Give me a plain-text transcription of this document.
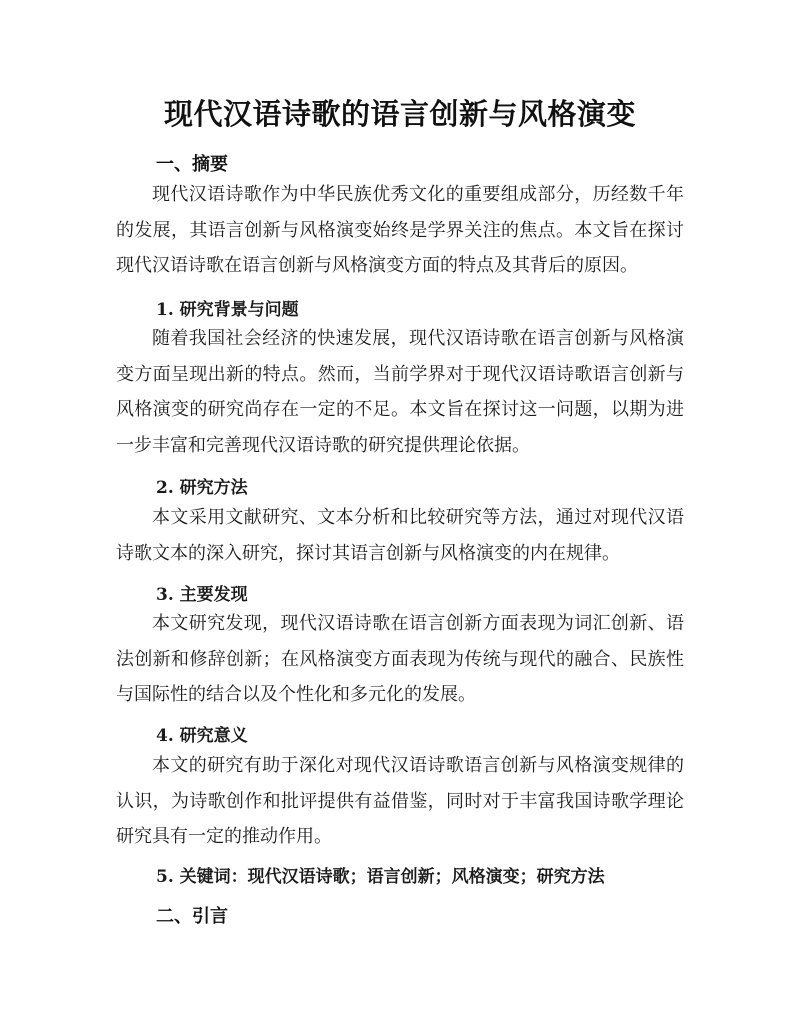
现代汉语诗歌的语言创新与风格演变
一、摘要

现代汉语诗歌作为中华民族优秀文化的重要组成部分，历经数千年的发展，其语言创新与风格演变始终是学界关注的焦点。本文旨在探讨现代汉语诗歌在语言创新与风格演变方面的特点及其背后的原因。

1. 研究背景与问题

随着我国社会经济的快速发展，现代汉语诗歌在语言创新与风格演变方面呈现出新的特点。然而，当前学界对于现代汉语诗歌语言创新与风格演变的研究尚存在一定的不足。本文旨在探讨这一问题，以期为进一步丰富和完善现代汉语诗歌的研究提供理论依据。

2. 研究方法

本文采用文献研究、文本分析和比较研究等方法，通过对现代汉语诗歌文本的深入研究，探讨其语言创新与风格演变的内在规律。

3. 主要发现

本文研究发现，现代汉语诗歌在语言创新方面表现为词汇创新、语法创新和修辞创新；在风格演变方面表现为传统与现代的融合、民族性与国际性的结合以及个性化和多元化的发展。

4. 研究意义

本文的研究有助于深化对现代汉语诗歌语言创新与风格演变规律的认识，为诗歌创作和批评提供有益借鉴，同时对于丰富我国诗歌学理论研究具有一定的推动作用。

5. 关键词：现代汉语诗歌；语言创新；风格演变；研究方法
二、引言
